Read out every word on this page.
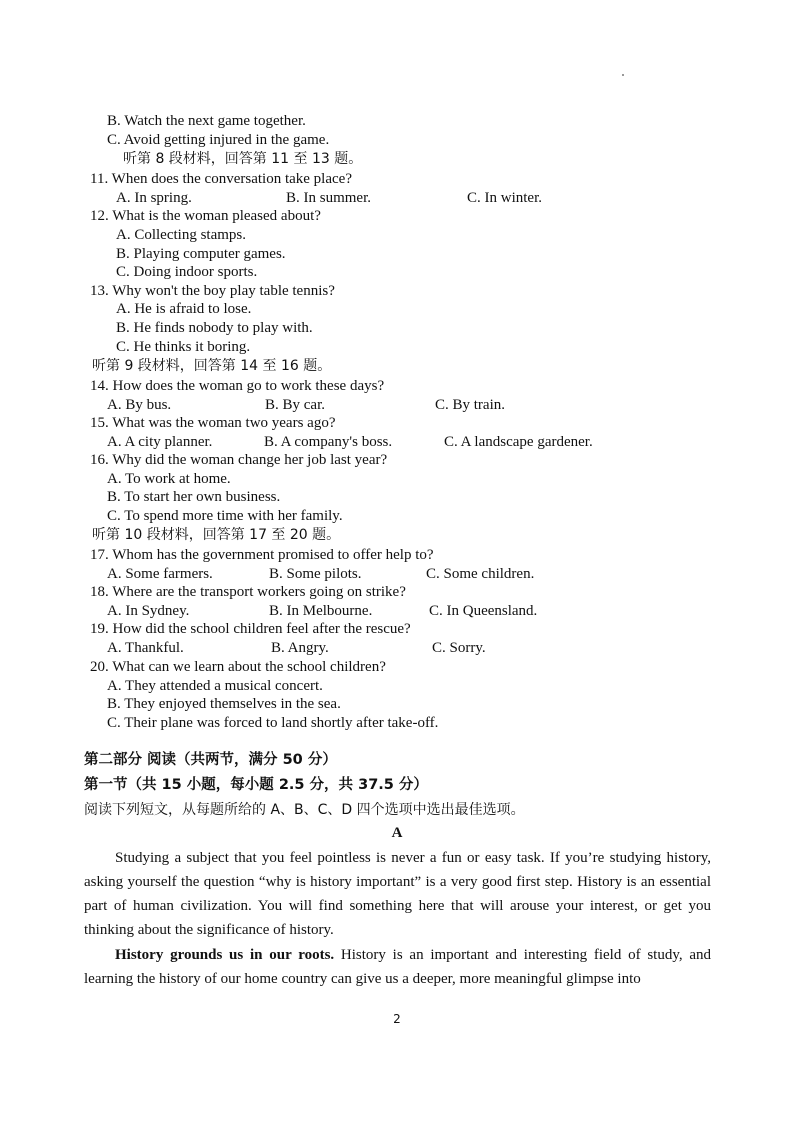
B. Watch the next game together.
C. Avoid getting injured in the game.
听第 8 段材料，回答第 11 至 13 题。
11. When does the conversation take place?
A. In spring.	B. In summer.	C. In winter.
12. What is the woman pleased about?
A. Collecting stamps.
B. Playing computer games.
C. Doing indoor sports.
13. Why won't the boy play table tennis?
A. He is afraid to lose.
B. He finds nobody to play with.
C. He thinks it boring.
听第 9 段材料，回答第 14 至 16 题。
14. How does the woman go to work these days?
A. By bus.	B. By car.	C. By train.
15. What was the woman two years ago?
A. A city planner.	B. A company's boss.	C. A landscape gardener.
16. Why did the woman change her job last year?
A. To work at home.
B. To start her own business.
C. To spend more time with her family.
听第 10 段材料，回答第 17 至 20 题。
17. Whom has the government promised to offer help to?
A. Some farmers.	B. Some pilots.	C. Some children.
18. Where are the transport workers going on strike?
A. In Sydney.	B. In Melbourne.	C. In Queensland.
19. How did the school children feel after the rescue?
A. Thankful.	B. Angry.	C. Sorry.
20. What can we learn about the school children?
A. They attended a musical concert.
B. They enjoyed themselves in the sea.
C. Their plane was forced to land shortly after take-off.
第二部分 阅读（共两节，满分 50 分）
第一节（共 15 小题，每小题 2.5 分，共 37.5 分）
阅读下列短文，从每题所给的 A、B、C、D 四个选项中选出最佳选项。
A
Studying a subject that you feel pointless is never a fun or easy task. If you’re studying history, asking yourself the question “why is history important” is a very good first step. History is an essential part of human civilization. You will find something here that will arouse your interest, or get you thinking about the significance of history.
History grounds us in our roots. History is an important and interesting field of study, and learning the history of our home country can give us a deeper, more meaningful glimpse into
2
